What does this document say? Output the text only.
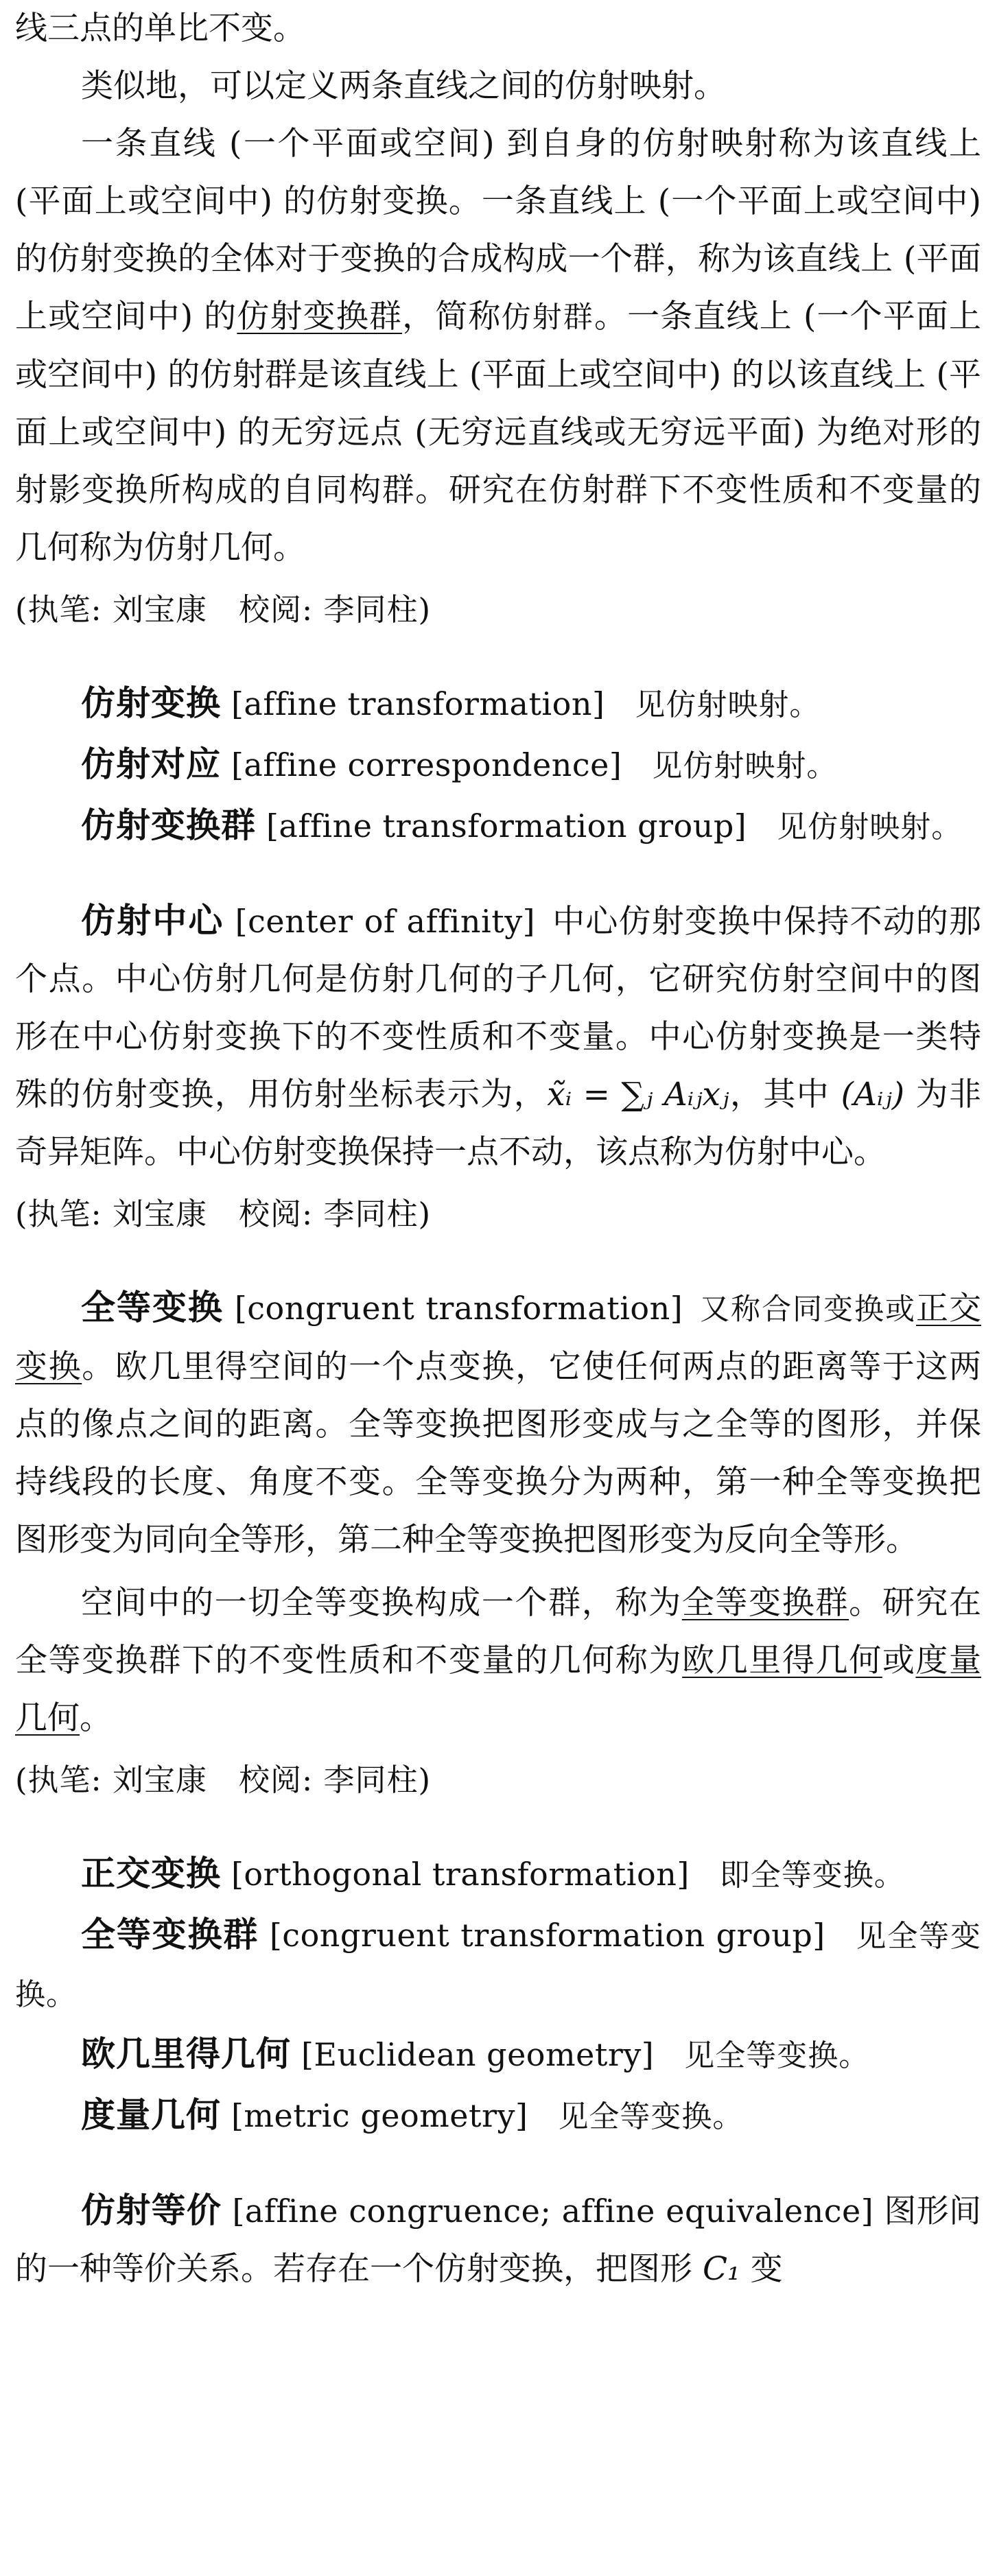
线三点的单比不变。

类似地，可以定义两条直线之间的仿射映射。

一条直线 (一个平面或空间) 到自身的仿射映射称为该直线上 (平面上或空间中) 的仿射变换。一条直线上 (一个平面上或空间中) 的仿射变换的全体对于变换的合成构成一个群，称为该直线上 (平面上或空间中) 的仿射变换群，简称仿射群。一条直线上 (一个平面上或空间中) 的仿射群是该直线上 (平面上或空间中) 的以该直线上 (平面上或空间中) 的无穷远点 (无穷远直线或无穷远平面) 为绝对形的射影变换所构成的自同构群。研究在仿射群下不变性质和不变量的几何称为仿射几何。

(执笔: 刘宝康　校阅: 李同柱)

仿射变换 [affine transformation] 见仿射映射。

仿射对应 [affine correspondence] 见仿射映射。

仿射变换群 [affine transformation group] 见仿射映射。

仿射中心 [center of affinity] 中心仿射变换中保持不动的那个点。中心仿射几何是仿射几何的子几何，它研究仿射空间中的图形在中心仿射变换下的不变性质和不变量。中心仿射变换是一类特殊的仿射变换，用仿射坐标表示为，x̃ᵢ = ∑ⱼ Aᵢⱼxⱼ，其中 (Aᵢⱼ) 为非奇异矩阵。中心仿射变换保持一点不动，该点称为仿射中心。

(执笔: 刘宝康　校阅: 李同柱)

全等变换 [congruent transformation] 又称合同变换或正交变换。欧几里得空间的一个点变换，它使任何两点的距离等于这两点的像点之间的距离。全等变换把图形变成与之全等的图形，并保持线段的长度、角度不变。全等变换分为两种，第一种全等变换把图形变为同向全等形，第二种全等变换把图形变为反向全等形。

空间中的一切全等变换构成一个群，称为全等变换群。研究在全等变换群下的不变性质和不变量的几何称为欧几里得几何或度量几何。

(执笔: 刘宝康　校阅: 李同柱)

正交变换 [orthogonal transformation] 即全等变换。

全等变换群 [congruent transformation group] 见全等变换。

欧几里得几何 [Euclidean geometry] 见全等变换。

度量几何 [metric geometry] 见全等变换。

仿射等价 [affine congruence; affine equivalence] 图形间的一种等价关系。若存在一个仿射变换，把图形 C₁ 变
